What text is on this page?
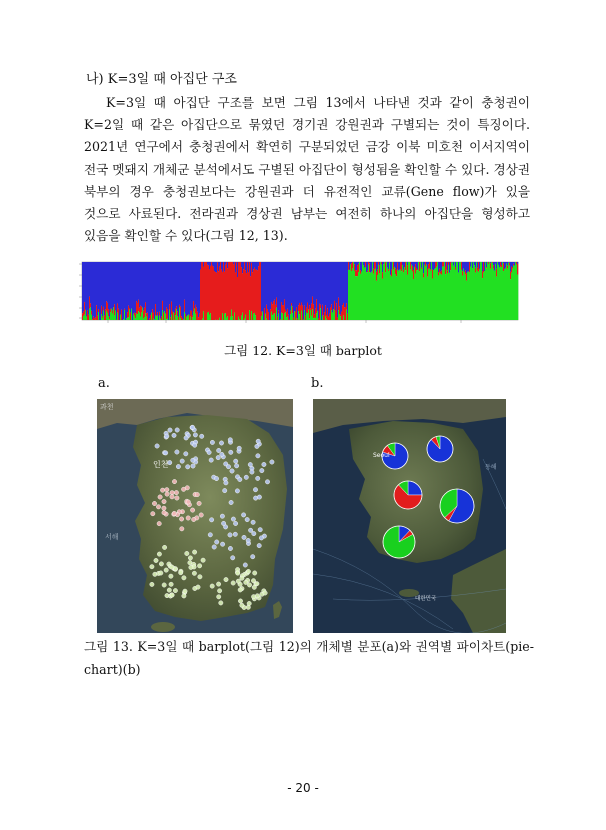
나) K=3일 때 아집단 구조

K=3일 때 아집단 구조를 보면 그림 13에서 나타낸 것과 같이 충청권이 K=2일 때 같은 아집단으로 묶였던 경기권 강원권과 구별되는 것이 특징이다. 2021년 연구에서 충청권에서 확연히 구분되었던 금강 이북 미호천 이서지역이 전국 멧돼지 개체군 분석에서도 구별된 아집단이 형성됨을 확인할 수 있다. 경상권 북부의 경우 충청권보다는 강원권과 더 유전적인 교류(Gene flow)가 있을 것으로 사료된다. 전라권과 경상권 남부는 여전히 하나의 아집단을 형성하고 있음을 확인할 수 있다(그림 12, 13).

그림 12. K=3일 때 barplot
a.	b.
과천
인천
서해
Seoul
동해
대한민국

그림 13. K=3일 때 barplot(그림 12)의 개체별 분포(a)와 권역별 파이차트(pie-chart)(b)

- 20 -
